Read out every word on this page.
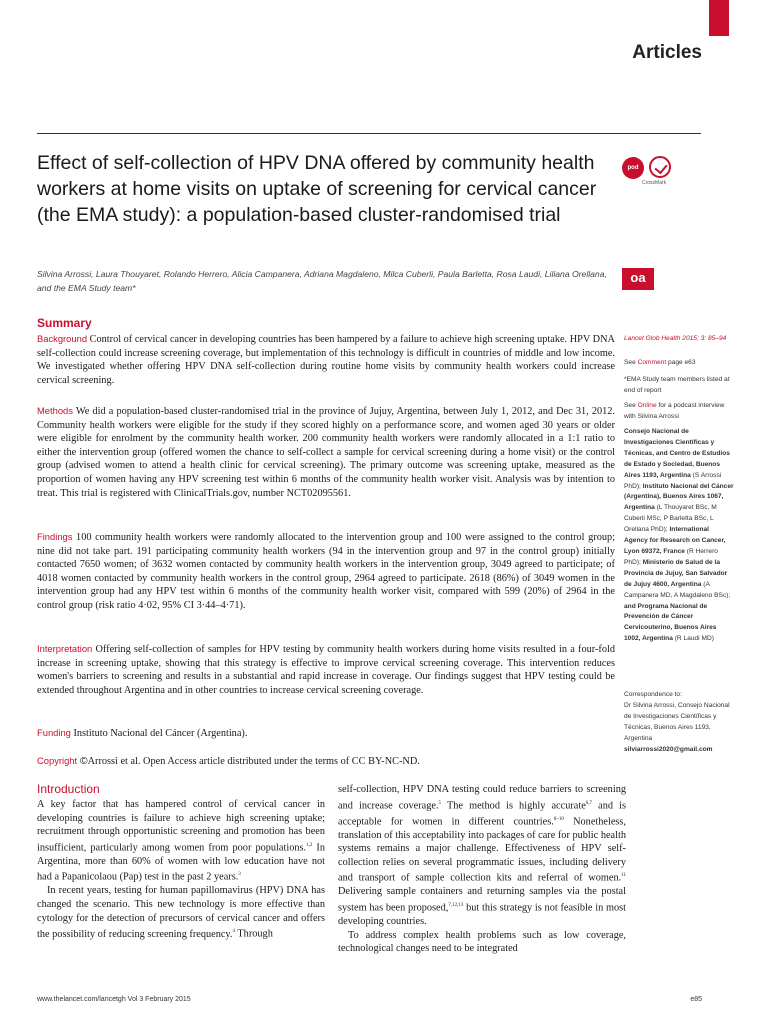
Articles
Effect of self-collection of HPV DNA offered by community health workers at home visits on uptake of screening for cervical cancer (the EMA study): a population-based cluster-randomised trial
pod cast
CrossMark
oa
Silvina Arrossi, Laura Thouyaret, Rolando Herrero, Alicia Campanera, Adriana Magdaleno, Milca Cuberli, Paula Barletta, Rosa Laudi, Liliana Orellana, and the EMA Study team*
Summary

Background Control of cervical cancer in developing countries has been hampered by a failure to achieve high screening uptake. HPV DNA self-collection could increase screening coverage, but implementation of this technology is difficult in countries of middle and low income. We investigated whether offering HPV DNA self-collection during routine home visits by community health workers could increase cervical screening.

Methods We did a population-based cluster-randomised trial in the province of Jujuy, Argentina, between July 1, 2012, and Dec 31, 2012. Community health workers were eligible for the study if they scored highly on a performance score, and women aged 30 years or older were eligible for enrolment by the community health worker. 200 community health workers were randomly allocated in a 1:1 ratio to either the intervention group (offered women the chance to self-collect a sample for cervical screening during a home visit) or the control group (advised women to attend a health clinic for cervical screening). The primary outcome was screening uptake, measured as the proportion of women having any HPV screening test within 6 months of the community health worker visit. Analysis was by intention to treat. This trial is registered with ClinicalTrials.gov, number NCT02095561.

Findings 100 community health workers were randomly allocated to the intervention group and 100 were assigned to the control group; nine did not take part. 191 participating community health workers (94 in the intervention group and 97 in the control group) initially contacted 7650 women; of 3632 women contacted by community health workers in the intervention group, 3049 agreed to participate; of 4018 women contacted by community health workers in the control group, 2964 agreed to participate. 2618 (86%) of 3049 women in the intervention group had any HPV test within 6 months of the community health worker visit, compared with 599 (20%) of 2964 in the control group (risk ratio 4·02, 95% CI 3·44–4·71).

Interpretation Offering self-collection of samples for HPV testing by community health workers during home visits resulted in a four-fold increase in screening uptake, showing that this strategy is effective to improve cervical screening coverage. This intervention reduces women's barriers to screening and results in a substantial and rapid increase in coverage. Our findings suggest that HPV testing could be extended throughout Argentina and in other countries to increase cervical screening coverage.

Funding Instituto Nacional del Cáncer (Argentina).

Copyright ©Arrossi et al. Open Access article distributed under the terms of CC BY-NC-ND.

Lancet Glob Health 2015; 3: 85–94
See Comment page e63
*EMA Study team members listed at end of report
See Online for a podcast interview with Silvina Arrossi
Consejo Nacional de Investigaciones Científicas y Técnicas, and Centro de Estudios de Estado y Sociedad, Buenos Aires 1193, Argentina (S Arrossi PhD); Instituto Nacional del Cáncer (Argentina), Buenos Aires 1067, Argentina (L Thouyaret BSc, M Cuberli MSc, P Barletta BSc, L Orellana PhD); International Agency for Research on Cancer, Lyon 69372, France (R Herrero PhD); Ministerio de Salud de la Provincia de Jujuy, San Salvador de Jujuy 4600, Argentina (A Campanera MD, A Magdaleno BSc); and Programa Nacional de Prevención de Cáncer Cervicouterino, Buenos Aires 1002, Argentina (R Laudi MD)
Correspondence to:
Dr Silvina Arrossi, Consejo Nacional de Investigaciones Científicas y Técnicas, Buenos Aires 1193, Argentina
silviarrossi2020@gmail.com
Introduction

A key factor that has hampered control of cervical cancer in developing countries is failure to achieve high screening uptake; recruitment through opportunistic screening and promotion has been insufficient, particularly among women from poor populations.$^{1,2}$ In Argentina, more than 60% of women with low education have not had a Papanicolaou (Pap) test in the past 2 years.$^3$
In recent years, testing for human papillomavirus (HPV) DNA has changed the scenario. This new technology is more effective than cytology for the detection of precursors of cervical cancer and offers the possibility of reducing screening frequency.$^4$ Through

self-collection, HPV DNA testing could reduce barriers to screening and increase coverage.$^5$ The method is highly accurate$^{6,7}$ and is acceptable for women in different countries.$^{8-10}$ Nonetheless, translation of this acceptability into packages of care for public health systems remains a major challenge. Effectiveness of HPV self-collection relies on several programmatic issues, including delivery and transport of sample collection kits and referral of women.$^{11}$ Delivering sample containers and returning samples via the postal system has been proposed,$^{7,12,13}$ but this strategy is not feasible in most developing countries.
To address complex health problems such as low coverage, technological changes need to be integrated

www.thelancet.com/lancetgh Vol 3 February 2015	e85
